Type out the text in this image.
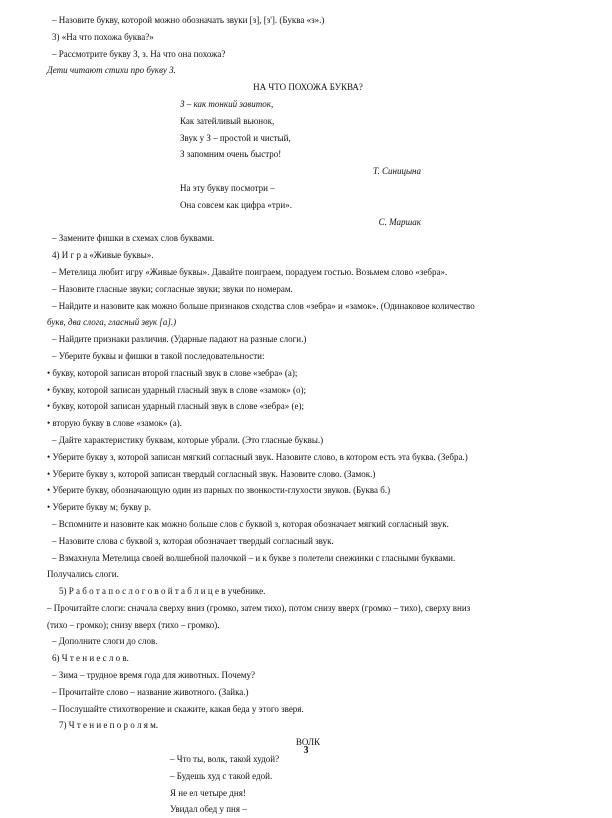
– Назовите букву, которой можно обозначать звуки [з], [з']. (Буква «з».)
3) «На что похожа буква?»
– Рассмотрите букву З, з. На что она похожа?
Дети читают стихи про букву З.
НА ЧТО ПОХОЖА БУКВА?
З – как тонкий завиток,
Как затейливый вьюнок,
Звук у З – простой и чистый,
З запомним очень быстро!
Т. Синицына
На эту букву посмотри –
Она совсем как цифра «три».
С. Маршак
– Замените фишки в схемах слов буквами.
4) И г р а «Живые буквы».
– Метелица любит игру «Живые буквы». Давайте поиграем, порадуем гостью. Возьмем слово «зебра».
– Назовите гласные звуки; согласные звуки; звуки по номерам.
– Найдите и назовите как можно больше признаков сходства слов «зебра» и «замок». (Одинаковое количество
букв, два слога, гласный звук [а].)
– Найдите признаки различия. (Ударные падают на разные слоги.)
– Уберите буквы и фишки в такой последовательности:
• букву, которой записан второй гласный звук в слове «зебра» (а);
• букву, которой записан ударный гласный звук в слове «замок» (о);
• букву, которой записан ударный гласный звук в слове «зебра» (е);
• вторую букву в слове «замок» (а).
– Дайте характеристику буквам, которые убрали. (Это гласные буквы.)
• Уберите букву з, которой записан мягкий согласный звук. Назовите слово, в котором есть эта буква. (Зебра.)
• Уберите букву з, которой записан твердый согласный звук. Назовите слово. (Замок.)
• Уберите букву, обозначающую один из парных по звонкости-глухости звуков. (Буква б.)
• Уберите букву м; букву р.
– Вспомните и назовите как можно больше слов с буквой з, которая обозначает мягкий согласный звук.
– Назовите слова с буквой з, которая обозначает твердый согласный звук.
– Взмахнула Метелица своей волшебной палочкой – и к букве з полетели снежинки с гласными буквами.
Получались слоги.
5) Р а б о т а п о с л о г о в о й т а б л и ц е в учебнике.
– Прочитайте слоги: сначала сверху вниз (громко, затем тихо), потом снизу вверх (громко – тихо), сверху вниз
(тихо – громко); снизу вверх (тихо – громко).
– Дополните слоги до слов.
6) Ч т е н и е с л о в.
– Зима – трудное время года для животных. Почему?
– Прочитайте слово – название животного. (Зайка.)
– Послушайте стихотворение и скажите, какая беда у этого зверя.
7) Ч т е н и е п о р о л я м.
ВОЛК
– Что ты, волк, такой худой?
– Будешь худ с такой едой.
Я не ел четыре дня!
Увидал обед у пня –
3
